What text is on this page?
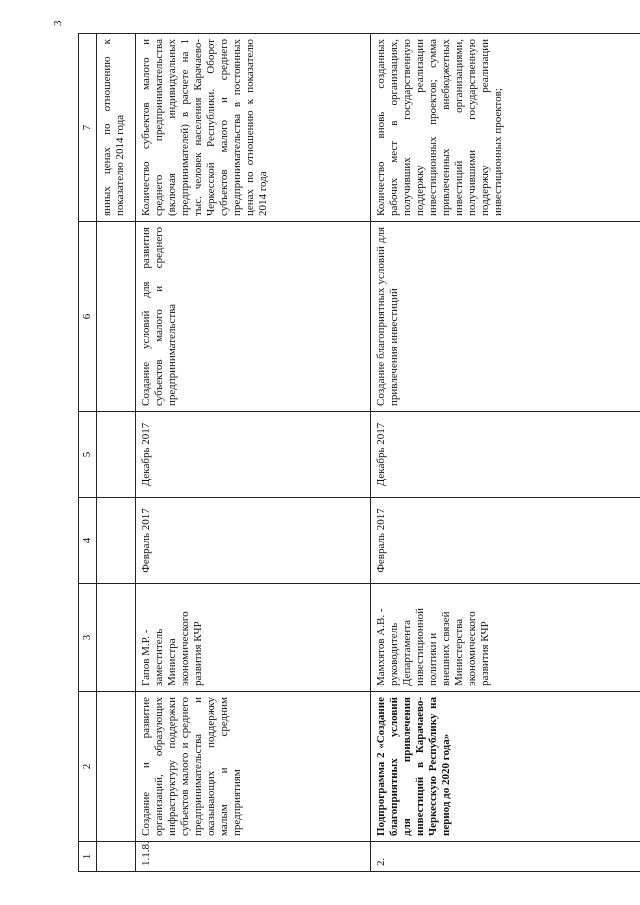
3
1	2	3	4	5	6	7
						янных ценах по отношению к показателю 2014 года
1.1.8.	Создание и развитие организаций, образующих инфраструктуру поддержки субъектов малого и среднего предпринимательства и оказывающих поддержку малым и средним предприятиям	Гапов М.Р. - заместитель Министра экономического развития КЧР	Февраль 2017	Декабрь 2017	Создание условий для развития субъектов малого и среднего предпринимательства	Количество субъектов малого и среднего предпринимательства (включая индивидуальных предпринимателей) в расчете на 1 тыс. человек населения Карачаево-Черкесской Республики. Оборот субъектов малого и среднего предпринимательства в постоянных ценах по отношению к показателю 2014 года
2.	Подпрограмма 2 «Создание благоприятных условий для привлечения инвестиций в Карачаево-Черкесскую Республику на период до 2020 года»	Мамхятов А.В. - руководитель Департамента инвестиционной политики и внешних связей Министерства экономического развития КЧР	Февраль 2017	Декабрь 2017	Создание благоприятных условий для привлечения инвестиций	Количество вновь созданных рабочих мест в организациях, получивших государственную поддержку реализации инвестиционных проектов; сумма привлеченных внебюджетных инвестиций организациями, получившими государственную поддержку реализации инвестиционных проектов;
